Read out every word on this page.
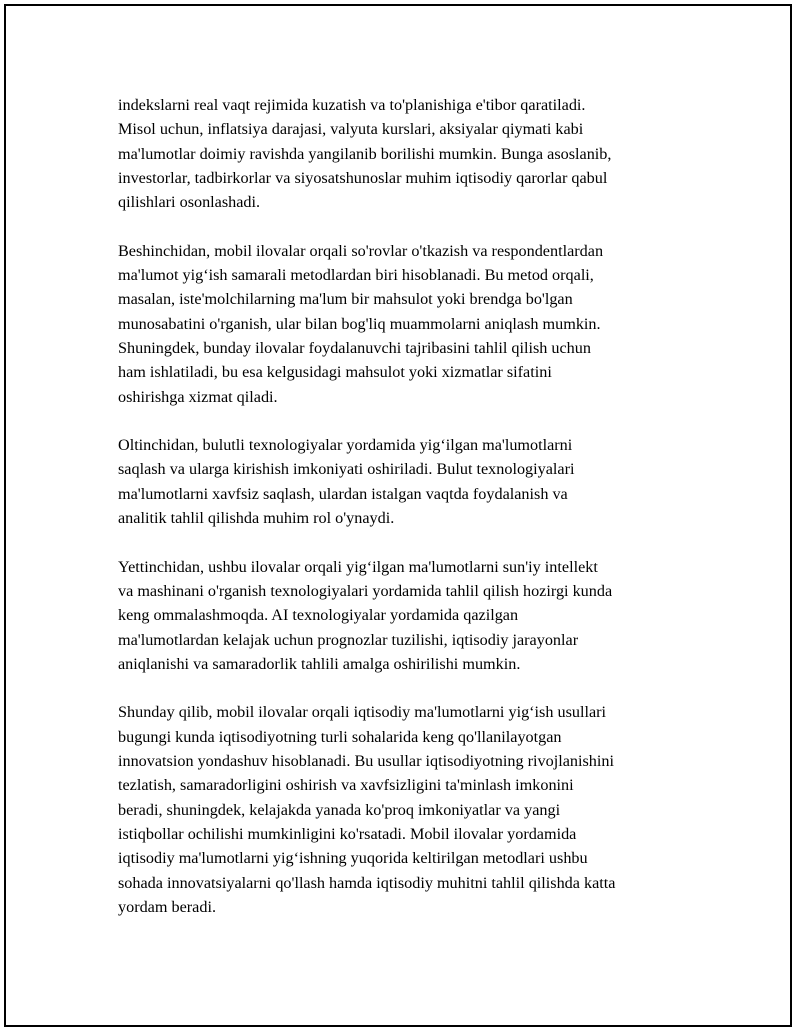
indekslarni real vaqt rejimida kuzatish va to'planishiga e'tibor qaratiladi.
Misol uchun, inflatsiya darajasi, valyuta kurslari, aksiyalar qiymati kabi
ma'lumotlar doimiy ravishda yangilanib borilishi mumkin. Bunga asoslanib,
investorlar, tadbirkorlar va siyosatshunoslar muhim iqtisodiy qarorlar qabul
qilishlari osonlashadi.
Beshinchidan, mobil ilovalar orqali so'rovlar o'tkazish va respondentlardan
ma'lumot yig‘ish samarali metodlardan biri hisoblanadi. Bu metod orqali,
masalan, iste'molchilarning ma'lum bir mahsulot yoki brendga bo'lgan
munosabatini o'rganish, ular bilan bog'liq muammolarni aniqlash mumkin.
Shuningdek, bunday ilovalar foydalanuvchi tajribasini tahlil qilish uchun
ham ishlatiladi, bu esa kelgusidagi mahsulot yoki xizmatlar sifatini
oshirishga xizmat qiladi.
Oltinchidan, bulutli texnologiyalar yordamida yig‘ilgan ma'lumotlarni
saqlash va ularga kirishish imkoniyati oshiriladi. Bulut texnologiyalari
ma'lumotlarni xavfsiz saqlash, ulardan istalgan vaqtda foydalanish va
analitik tahlil qilishda muhim rol o'ynaydi.
Yettinchidan, ushbu ilovalar orqali yig‘ilgan ma'lumotlarni sun'iy intellekt
va mashinani o'rganish texnologiyalari yordamida tahlil qilish hozirgi kunda
keng ommalashmoqda. AI texnologiyalar yordamida qazilgan
ma'lumotlardan kelajak uchun prognozlar tuzilishi, iqtisodiy jarayonlar
aniqlanishi va samaradorlik tahlili amalga oshirilishi mumkin.
Shunday qilib, mobil ilovalar orqali iqtisodiy ma'lumotlarni yig‘ish usullari
bugungi kunda iqtisodiyotning turli sohalarida keng qo'llanilayotgan
innovatsion yondashuv hisoblanadi. Bu usullar iqtisodiyotning rivojlanishini
tezlatish, samaradorligini oshirish va xavfsizligini ta'minlash imkonini
beradi, shuningdek, kelajakda yanada ko'proq imkoniyatlar va yangi
istiqbollar ochilishi mumkinligini ko'rsatadi. Mobil ilovalar yordamida
iqtisodiy ma'lumotlarni yig‘ishning yuqorida keltirilgan metodlari ushbu
sohada innovatsiyalarni qo'llash hamda iqtisodiy muhitni tahlil qilishda katta
yordam beradi.
